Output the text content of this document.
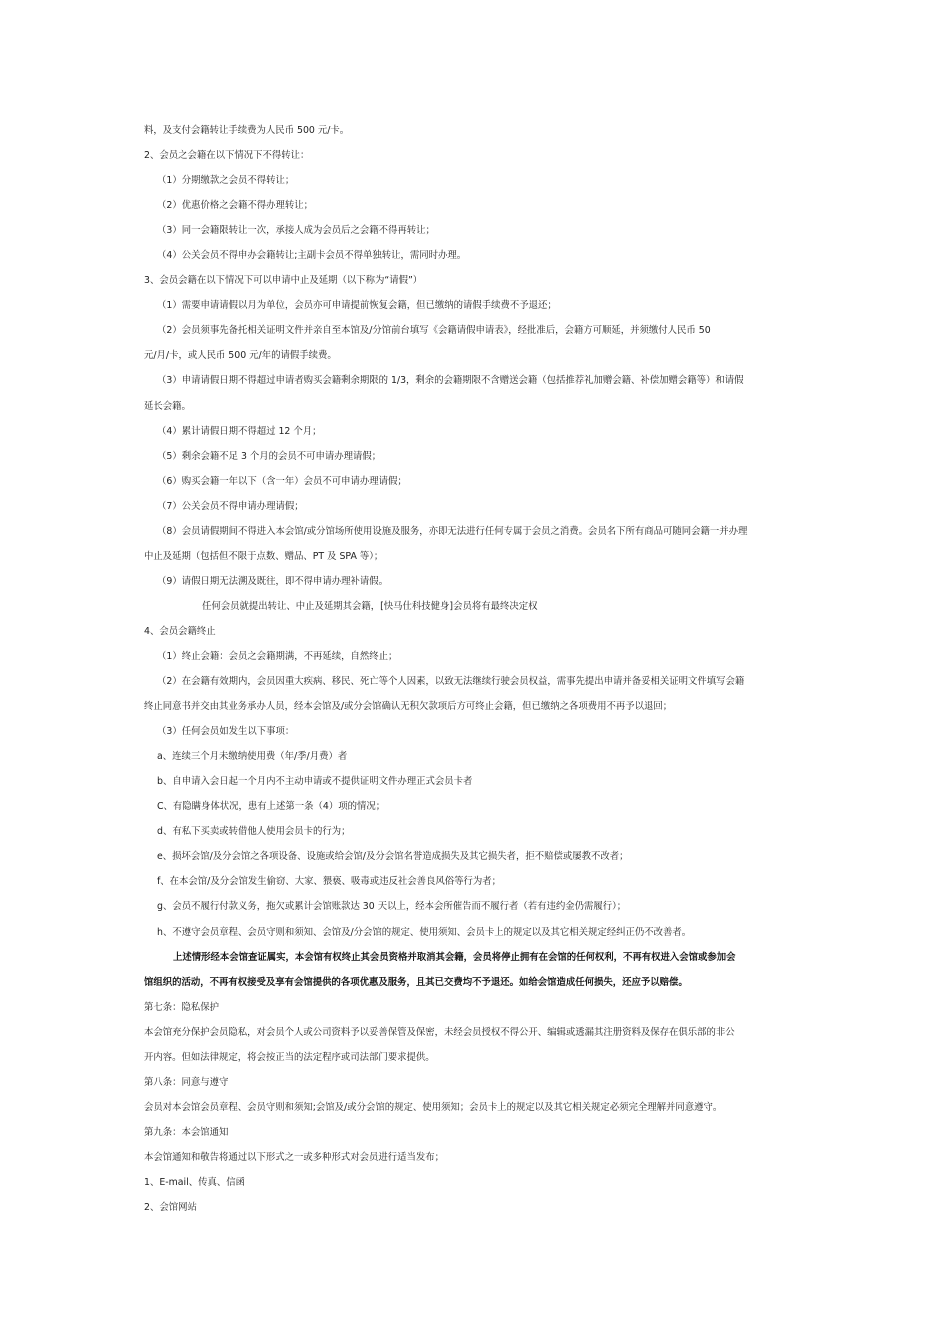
料，及支付会籍转让手续费为人民币 500 元/卡。
2、会员之会籍在以下情况下不得转让：
（1）分期缴款之会员不得转让；
（2）优惠价格之会籍不得办理转让；
（3）同一会籍限转让一次，承接人成为会员后之会籍不得再转让；
（4）公关会员不得申办会籍转让;主副卡会员不得单独转让，需同时办理。
3、会员会籍在以下情况下可以申请中止及延期（以下称为“请假”）
（1）需要申请请假以月为单位，会员亦可申请提前恢复会籍，但已缴纳的请假手续费不予退还；
（2）会员须事先备托相关证明文件并亲自至本馆及/分馆前台填写《会籍请假申请表》，经批准后，会籍方可顺延，并须缴付人民币 50
元/月/卡，或人民币 500 元/年的请假手续费。
（3）申请请假日期不得超过申请者购买会籍剩余期限的 1/3，剩余的会籍期限不含赠送会籍（包括推荐礼加赠会籍、补偿加赠会籍等）和请假
延长会籍。
（4）累计请假日期不得超过 12 个月；
（5）剩余会籍不足 3 个月的会员不可申请办理请假；
（6）购买会籍一年以下（含一年）会员不可申请办理请假；
（7）公关会员不得申请办理请假；
（8）会员请假期间不得进入本会馆/或分馆场所使用设施及服务，亦即无法进行任何专属于会员之消费。会员名下所有商品可随同会籍一并办理
中止及延期（包括但不限于点数、赠品、PT 及 SPA 等）；
（9）请假日期无法溯及既往，即不得申请办理补请假。
任何会员就提出转让、中止及延期其会籍，[快马仕科技健身]会员将有最终决定权
4、会员会籍终止
（1）终止会籍：会员之会籍期满，不再延续，自然终止；
（2）在会籍有效期内，会员因重大疾病、移民、死亡等个人因素，以致无法继续行驶会员权益，需事先提出申请并备妥相关证明文件填写会籍
终止同意书并交由其业务承办人员，经本会馆及/或分会馆确认无积欠款项后方可终止会籍，但已缴纳之各项费用不再予以退回；
（3）任何会员如发生以下事项：
a、连续三个月未缴纳使用费（年/季/月费）者
b、自申请入会日起一个月内不主动申请或不提供证明文件办理正式会员卡者
C、有隐瞒身体状况，患有上述第一条（4）项的情况；
d、有私下买卖或转借他人使用会员卡的行为；
e、损坏会馆/及分会馆之各项设备、设施或给会馆/及分会馆名誉造成损失及其它损失者，拒不赔偿或屡教不改者；
f、在本会馆/及分会馆发生偷窃、大家、猥亵、吸毒或违反社会善良风俗等行为者；
g、会员不履行付款义务，拖欠或累计会馆账款达 30 天以上，经本会所催告而不履行者（若有违约金仍需履行）；
h、不遵守会员章程、会员守则和须知、会馆及/分会馆的规定、使用须知、会员卡上的规定以及其它相关规定经纠正仍不改善者。
上述情形经本会馆查证属实，本会馆有权终止其会员资格并取消其会籍，会员将停止拥有在会馆的任何权利，不再有权进入会馆或参加会
馆组织的活动，不再有权接受及享有会馆提供的各项优惠及服务，且其已交费均不予退还。如给会馆造成任何损失，还应予以赔偿。
第七条：隐私保护
本会馆充分保护会员隐私，对会员个人或公司资料予以妥善保管及保密，未经会员授权不得公开、编辑或透漏其注册资料及保存在俱乐部的非公
开内容。但如法律规定，将会按正当的法定程序或司法部门要求提供。
第八条：同意与遵守
会员对本会馆会员章程、会员守则和须知;会馆及/或分会馆的规定、使用须知；会员卡上的规定以及其它相关规定必须完全理解并同意遵守。
第九条：本会馆通知
本会馆通知和敬告将通过以下形式之一或多种形式对会员进行适当发布；
1、E-mail、传真、信函
2、会馆网站
